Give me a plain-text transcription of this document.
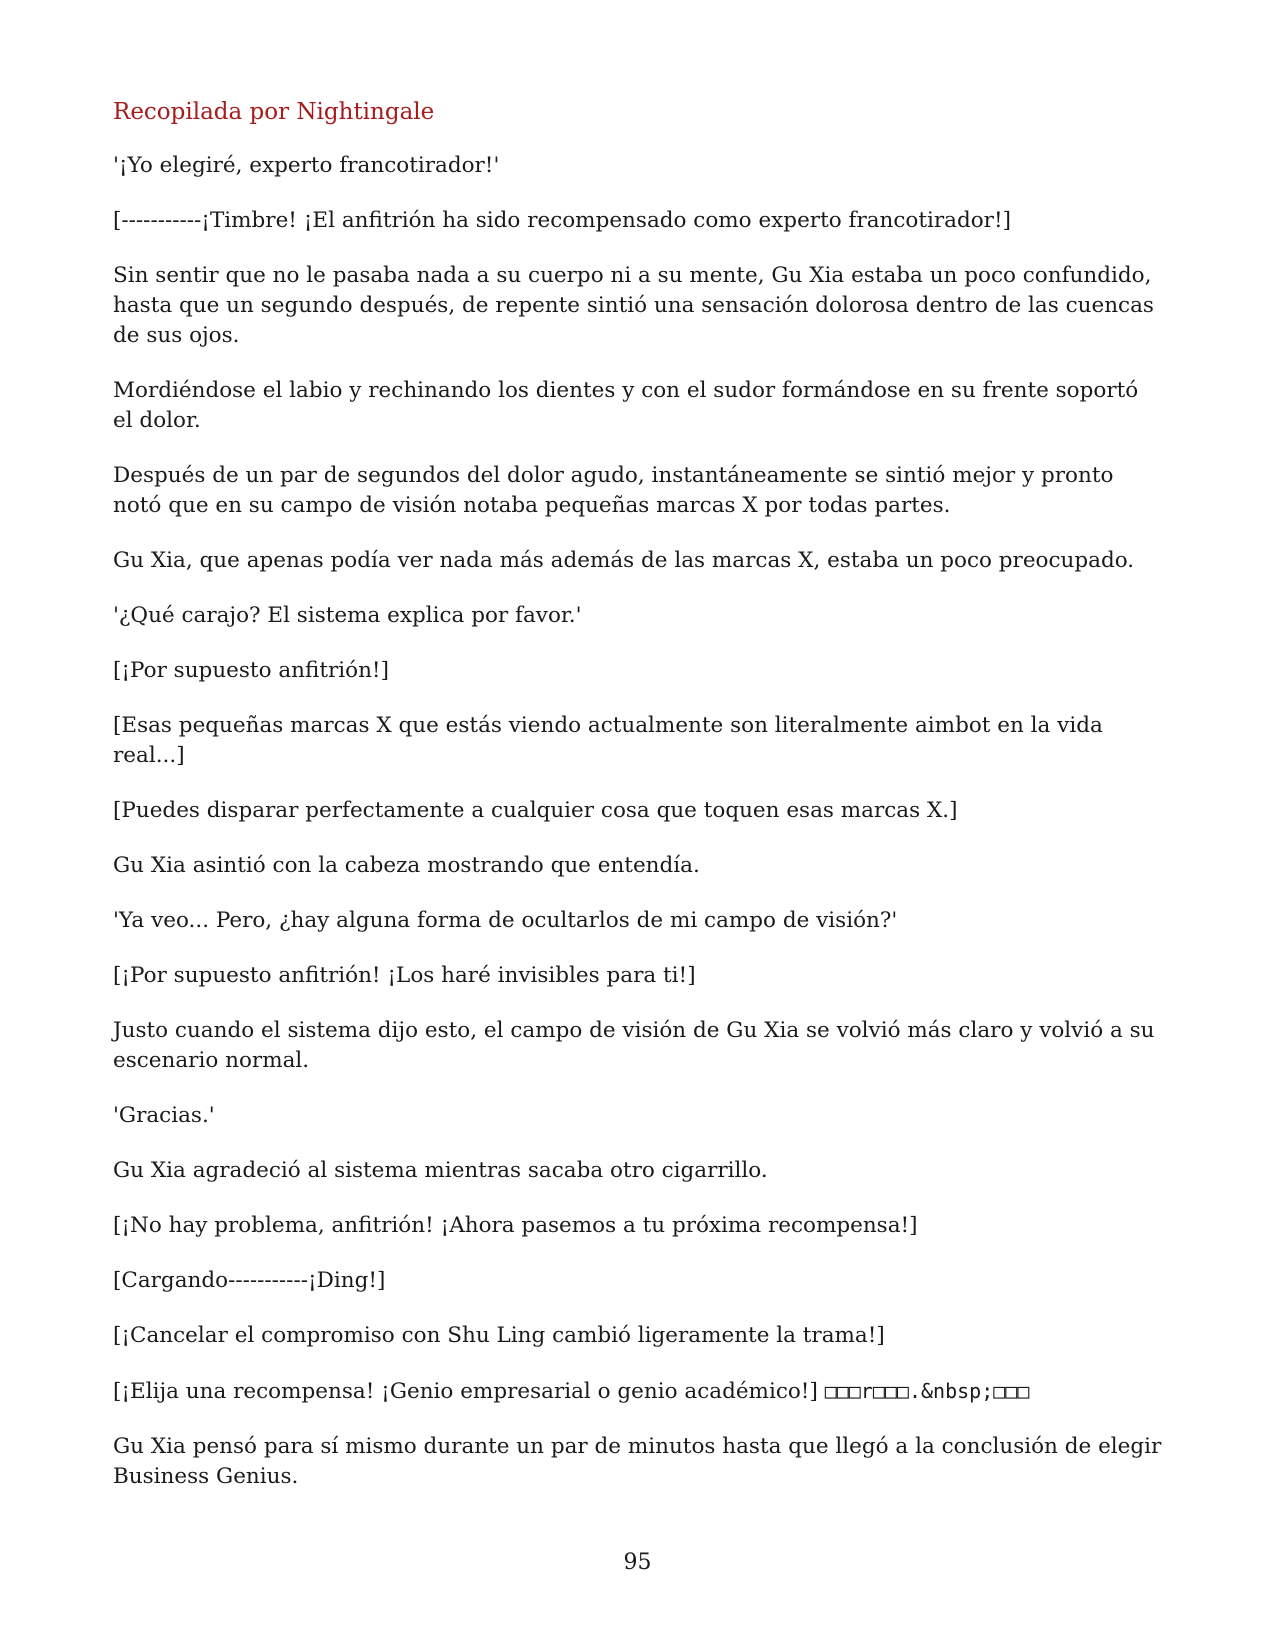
Recopilada por Nightingale

'¡Yo elegiré, experto francotirador!'

[-----------¡Timbre! ¡El anfitrión ha sido recompensado como experto francotirador!]

Sin sentir que no le pasaba nada a su cuerpo ni a su mente, Gu Xia estaba un poco confundido, hasta que un segundo después, de repente sintió una sensación dolorosa dentro de las cuencas de sus ojos.

Mordiéndose el labio y rechinando los dientes y con el sudor formándose en su frente soportó el dolor.

Después de un par de segundos del dolor agudo, instantáneamente se sintió mejor y pronto notó que en su campo de visión notaba pequeñas marcas X por todas partes.

Gu Xia, que apenas podía ver nada más además de las marcas X, estaba un poco preocupado.

'¿Qué carajo? El sistema explica por favor.'

[¡Por supuesto anfitrión!]

[Esas pequeñas marcas X que estás viendo actualmente son literalmente aimbot en la vida real...]

[Puedes disparar perfectamente a cualquier cosa que toquen esas marcas X.]

Gu Xia asintió con la cabeza mostrando que entendía.

'Ya veo... Pero, ¿hay alguna forma de ocultarlos de mi campo de visión?'

[¡Por supuesto anfitrión! ¡Los haré invisibles para ti!]

Justo cuando el sistema dijo esto, el campo de visión de Gu Xia se volvió más claro y volvió a su escenario normal.

'Gracias.'

Gu Xia agradeció al sistema mientras sacaba otro cigarrillo.

[¡No hay problema, anfitrión! ¡Ahora pasemos a tu próxima recompensa!]

[Cargando-----------¡Ding!]

[¡Cancelar el compromiso con Shu Ling cambió ligeramente la trama!]

[¡Elija una recompensa! ¡Genio empresarial o genio académico!] □□□r□□□.&nbsp;□□□

Gu Xia pensó para sí mismo durante un par de minutos hasta que llegó a la conclusión de elegir Business Genius.

95
